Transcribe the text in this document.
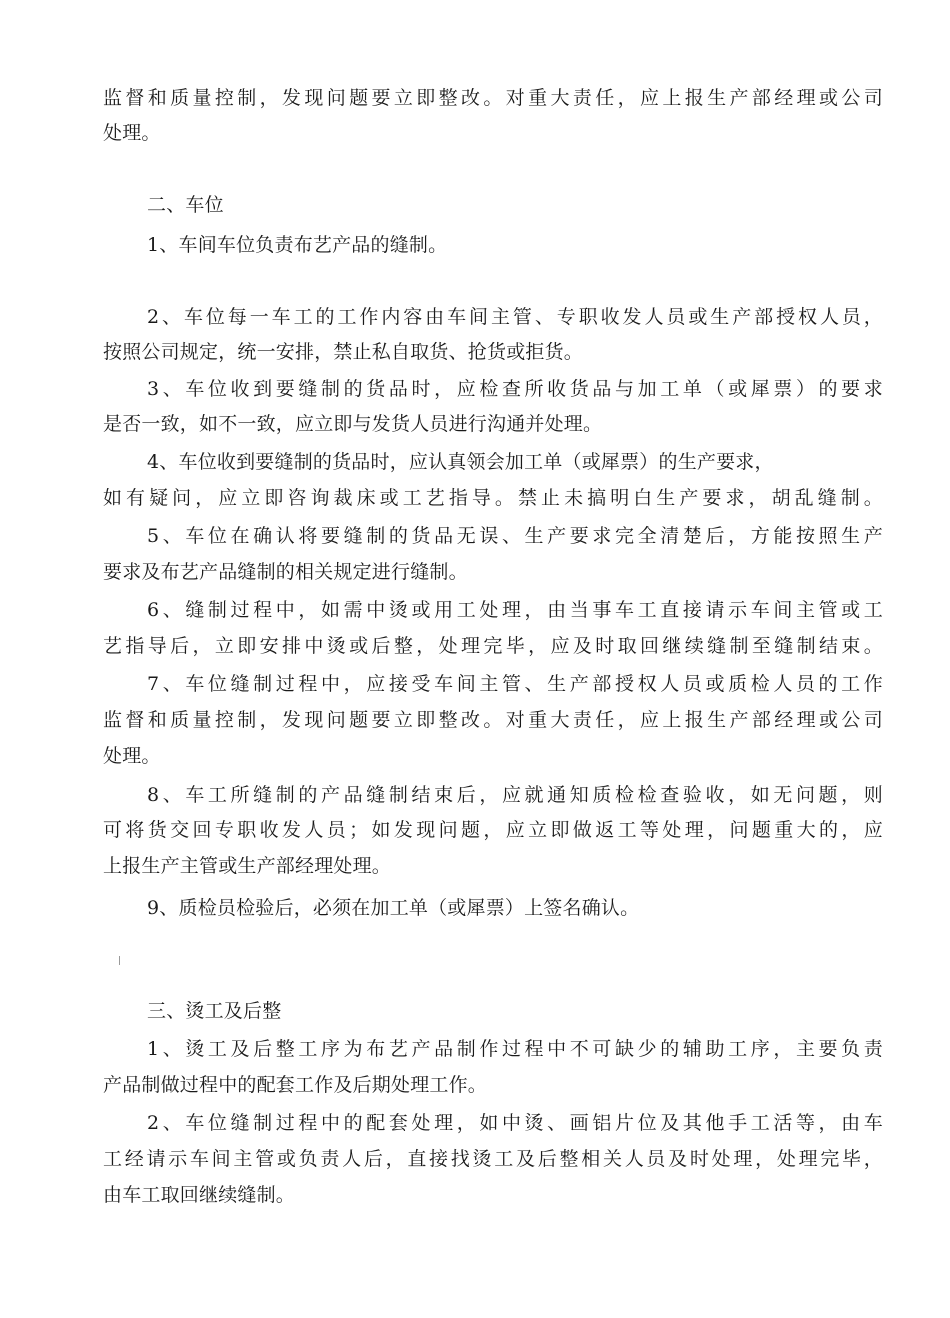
监督和质量控制，发现问题要立即整改。对重大责任，应上报生产部经理或公司
处理。
二、车位
1、车间车位负责布艺产品的缝制。
2、车位每一车工的工作内容由车间主管、专职收发人员或生产部授权人员，
按照公司规定，统一安排，禁止私自取货、抢货或拒货。
3、车位收到要缝制的货品时，应检查所收货品与加工单（或犀票）的要求
是否一致，如不一致，应立即与发货人员进行沟通并处理。
4、车位收到要缝制的货品时，应认真领会加工单（或犀票）的生产要求，
如有疑问，应立即咨询裁床或工艺指导。禁止未搞明白生产要求，胡乱缝制。
5、车位在确认将要缝制的货品无误、生产要求完全清楚后，方能按照生产
要求及布艺产品缝制的相关规定进行缝制。
6、缝制过程中，如需中烫或用工处理，由当事车工直接请示车间主管或工
艺指导后，立即安排中烫或后整，处理完毕，应及时取回继续缝制至缝制结束。
7、车位缝制过程中，应接受车间主管、生产部授权人员或质检人员的工作
监督和质量控制，发现问题要立即整改。对重大责任，应上报生产部经理或公司
处理。
8、车工所缝制的产品缝制结束后，应就通知质检检查验收，如无问题，则
可将货交回专职收发人员；如发现问题，应立即做返工等处理，问题重大的，应
上报生产主管或生产部经理处理。
9、质检员检验后，必须在加工单（或犀票）上签名确认。
三、烫工及后整
1、烫工及后整工序为布艺产品制作过程中不可缺少的辅助工序，主要负责
产品制做过程中的配套工作及后期处理工作。
2、车位缝制过程中的配套处理，如中烫、画铝片位及其他手工活等，由车
工经请示车间主管或负责人后，直接找烫工及后整相关人员及时处理，处理完毕，
由车工取回继续缝制。
